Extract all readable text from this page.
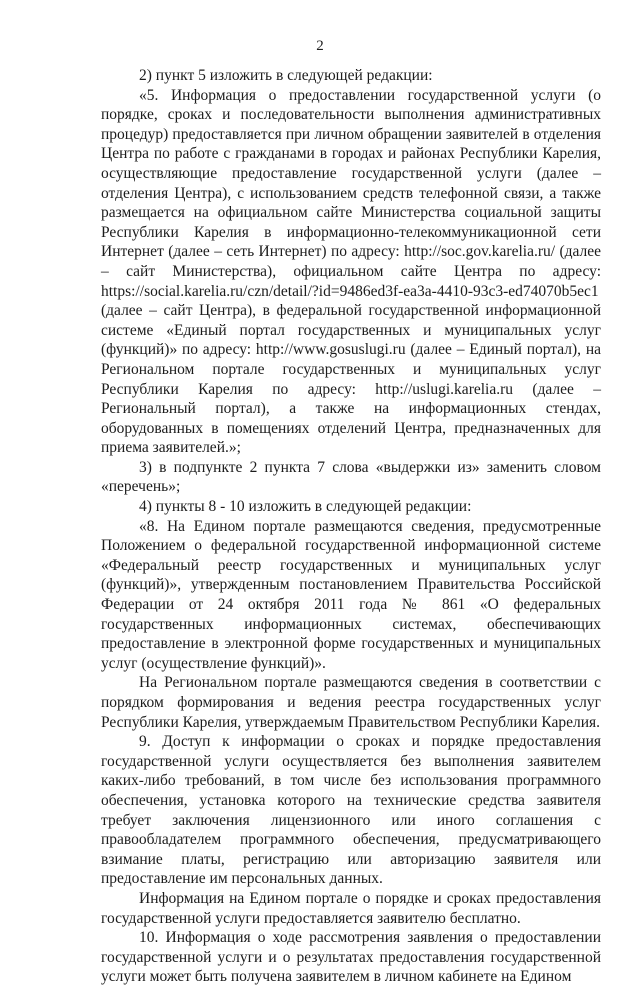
2

2) пункт 5 изложить в следующей редакции:

«5. Информация о предоставлении государственной услуги (о порядке, сроках и последовательности выполнения административных процедур) предоставляется при личном обращении заявителей в отделения Центра по работе с гражданами в городах и районах Республики Карелия, осуществляющие предоставление государственной услуги (далее – отделения Центра), с использованием средств телефонной связи, а также размещается на официальном сайте Министерства социальной защиты Республики Карелия в информационно-телекоммуникационной сети Интернет (далее – сеть Интернет) по адресу: http://soc.gov.karelia.ru/ (далее – сайт Министерства), официальном сайте Центра по адресу: https://social.karelia.ru/czn/detail/?id=9486ed3f-ea3a-4410-93c3-ed74070b5ec1 (далее – сайт Центра), в федеральной государственной информационной системе «Единый портал государственных и муниципальных услуг (функций)» по адресу: http://www.gosuslugi.ru (далее – Единый портал), на Региональном портале государственных и муниципальных услуг Республики Карелия по адресу: http://uslugi.karelia.ru (далее – Региональный портал), а также на информационных стендах, оборудованных в помещениях отделений Центра, предназначенных для приема заявителей.»;

3) в подпункте 2 пункта 7 слова «выдержки из» заменить словом «перечень»;

4) пункты 8 - 10 изложить в следующей редакции:

«8. На Едином портале размещаются сведения, предусмотренные Положением о федеральной государственной информационной системе «Федеральный реестр государственных и муниципальных услуг (функций)», утвержденным постановлением Правительства Российской Федерации от 24 октября 2011 года № 861 «О федеральных государственных информационных системах, обеспечивающих предоставление в электронной форме государственных и муниципальных услуг (осуществление функций)».

На Региональном портале размещаются сведения в соответствии с порядком формирования и ведения реестра государственных услуг Республики Карелия, утверждаемым Правительством Республики Карелия.

9. Доступ к информации о сроках и порядке предоставления государственной услуги осуществляется без выполнения заявителем каких-либо требований, в том числе без использования программного обеспечения, установка которого на технические средства заявителя требует заключения лицензионного или иного соглашения с правообладателем программного обеспечения, предусматривающего взимание платы, регистрацию или авторизацию заявителя или предоставление им персональных данных.

Информация на Едином портале о порядке и сроках предоставления государственной услуги предоставляется заявителю бесплатно.

10. Информация о ходе рассмотрения заявления о предоставлении государственной услуги и о результатах предоставления государственной услуги может быть получена заявителем в личном кабинете на Едином
